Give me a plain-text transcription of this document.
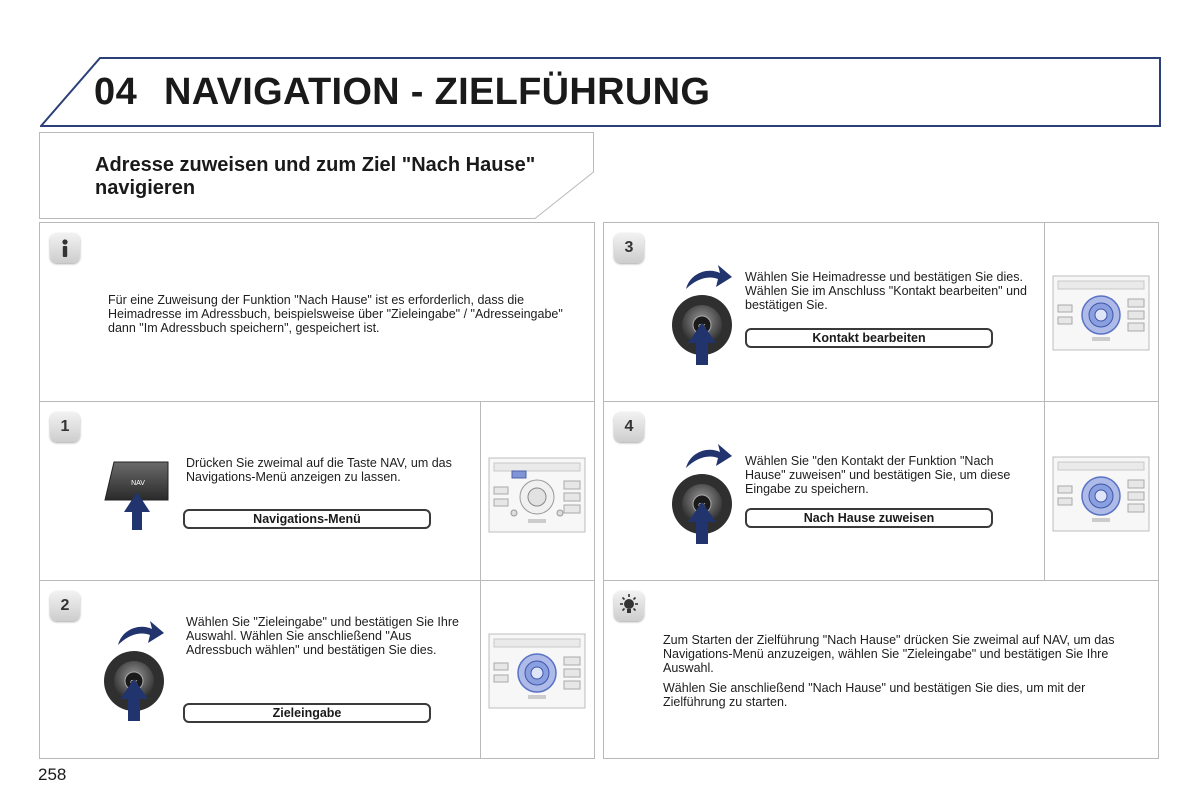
04 NAVIGATION - ZIELFÜHRUNG
Adresse zuweisen und zum Ziel "Nach Hause" navigieren
Für eine Zuweisung der Funktion "Nach Hause" ist es erforderlich, dass die Heimadresse im Adressbuch, beispielsweise über "Zieleingabe" / "Adresseingabe" dann "Im Adressbuch speichern", gespeichert ist.
1
NAV
Drücken Sie zweimal auf die Taste NAV, um das Navigations-Menü anzeigen zu lassen.
Navigations-Menü
2
Wählen Sie "Zieleingabe" und bestätigen Sie Ihre Auswahl. Wählen Sie anschließend "Aus Adressbuch wählen" und bestätigen Sie dies.
Zieleingabe
3
Wählen Sie Heimadresse und bestätigen Sie dies. Wählen Sie im Anschluss "Kontakt bearbeiten" und bestätigen Sie.
Kontakt bearbeiten
4
Wählen Sie "den Kontakt der Funktion "Nach Hause" zuweisen" und bestätigen Sie, um diese Eingabe zu speichern.
Nach Hause zuweisen
Zum Starten der Zielführung "Nach Hause" drücken Sie zweimal auf NAV, um das Navigations-Menü anzuzeigen, wählen Sie "Zieleingabe" und bestätigen Sie Ihre Auswahl.
Wählen Sie anschließend "Nach Hause" und bestätigen Sie dies, um mit der Zielführung zu starten.
258
